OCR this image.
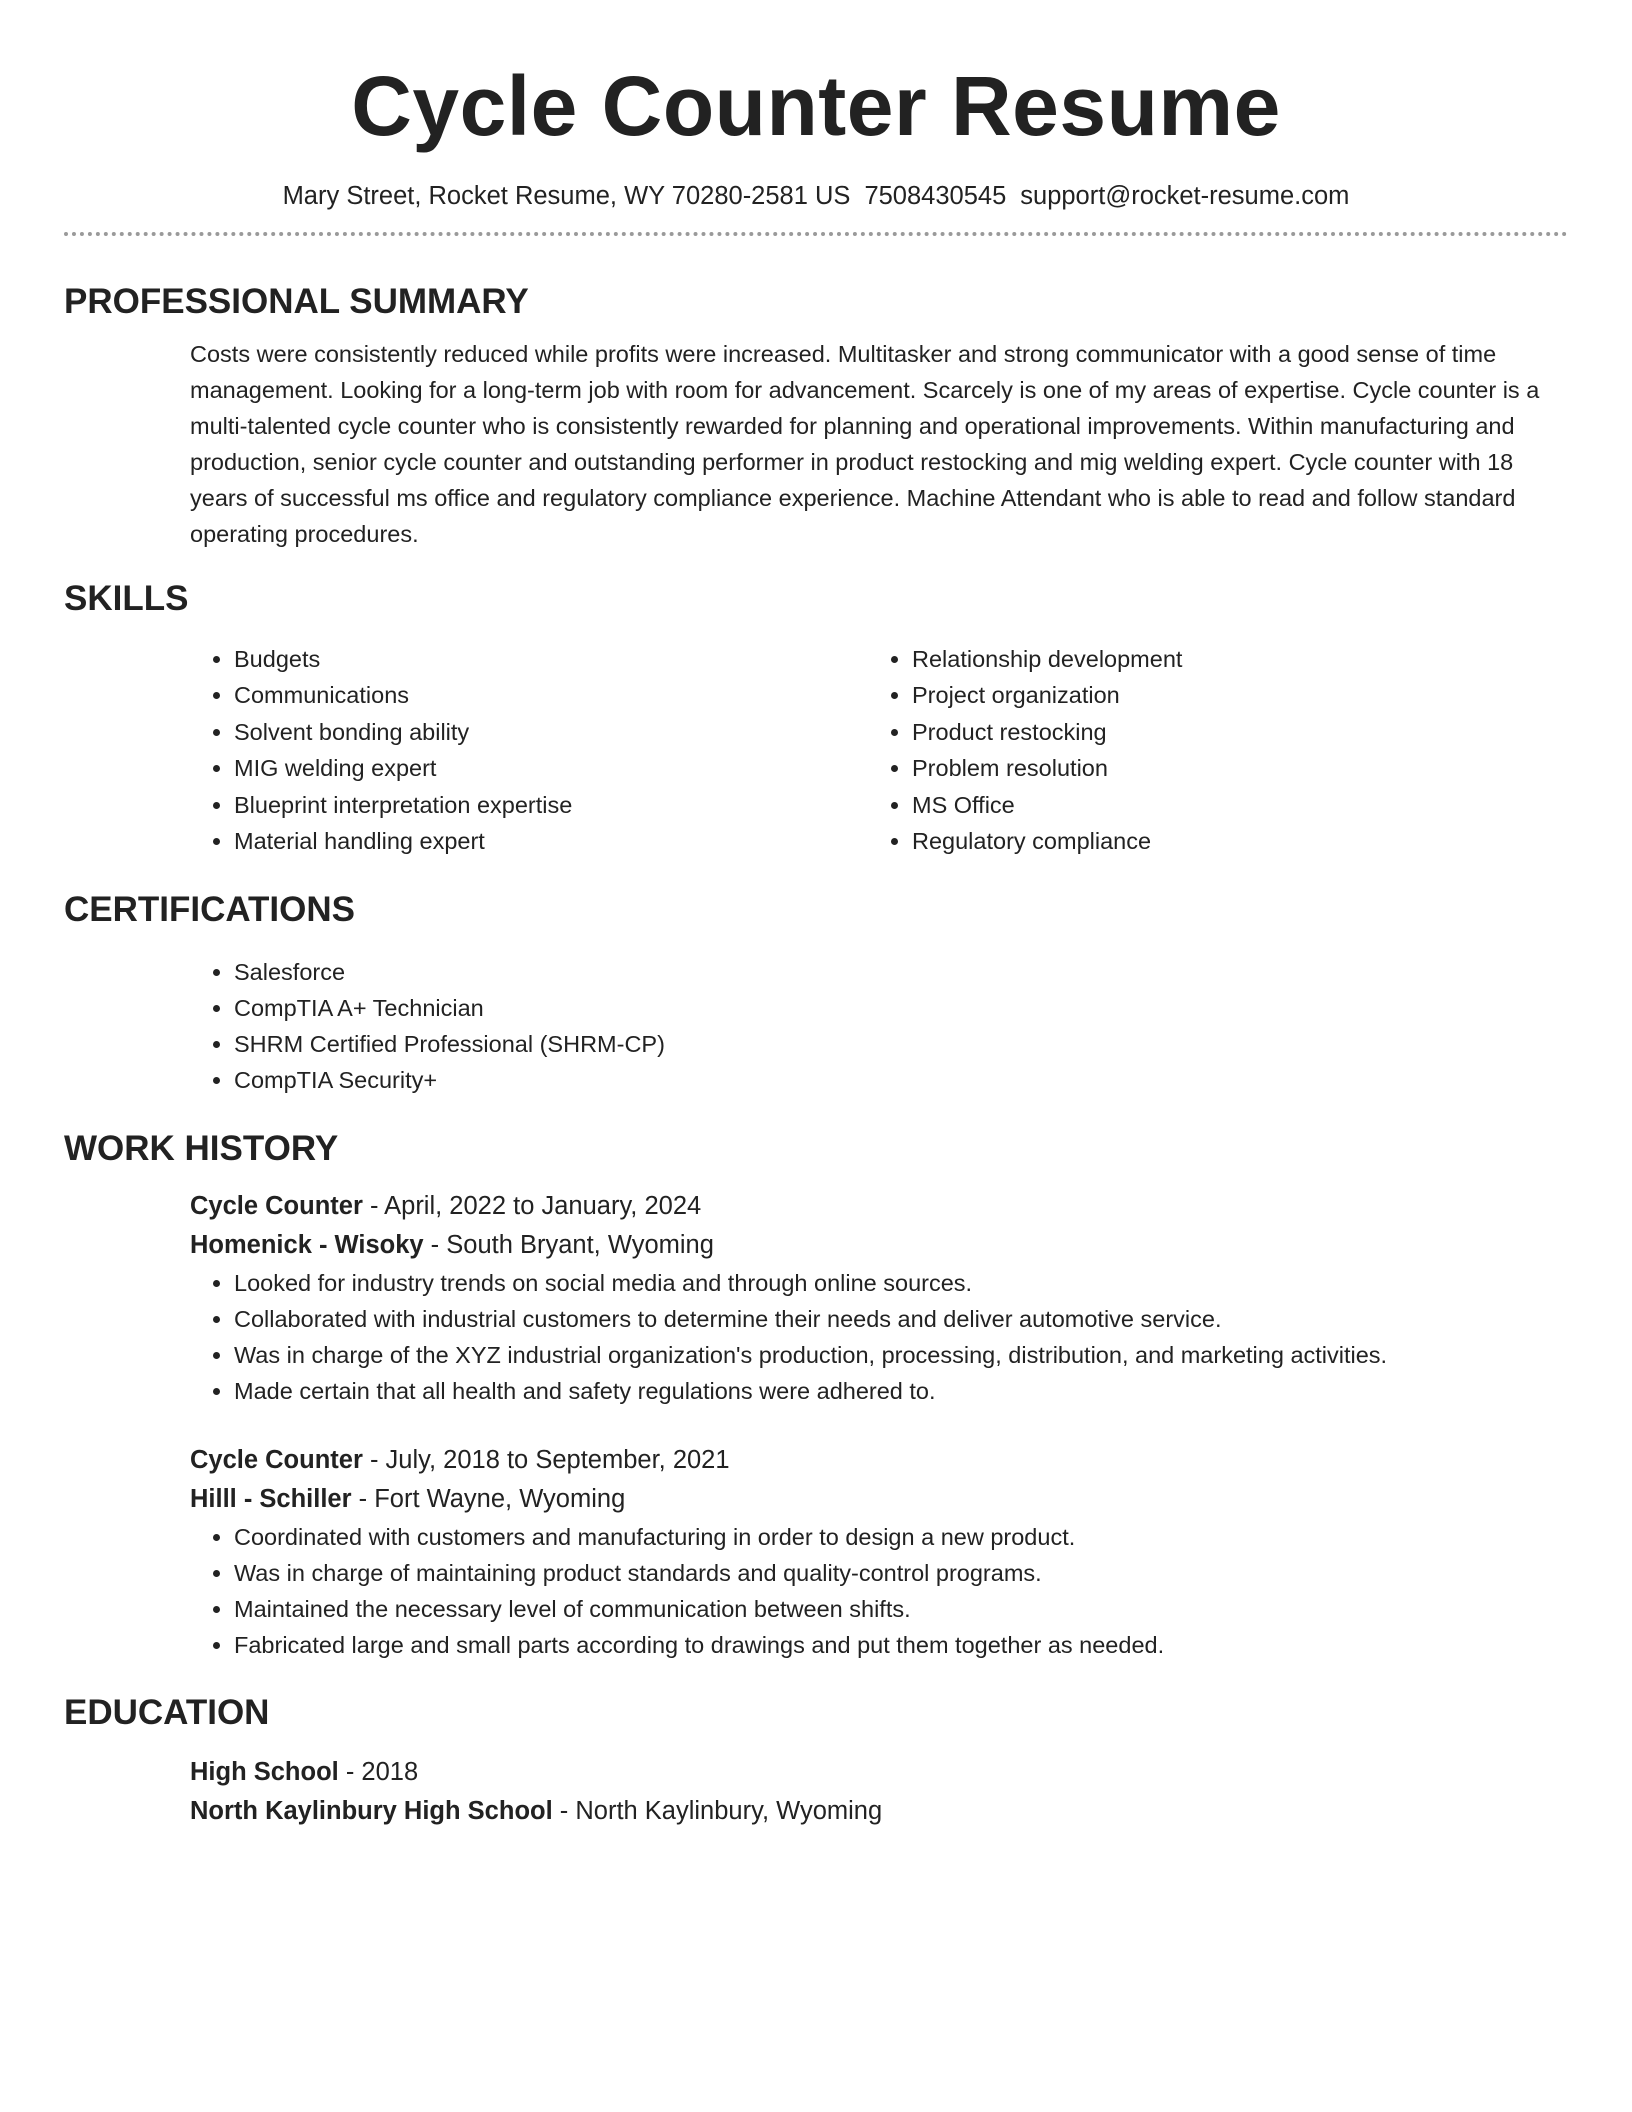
Cycle Counter Resume
Mary Street, Rocket Resume, WY 70280-2581 US 7508430545 support@rocket-resume.com
PROFESSIONAL SUMMARY
Costs were consistently reduced while profits were increased. Multitasker and strong communicator with a good sense of time management. Looking for a long-term job with room for advancement. Scarcely is one of my areas of expertise. Cycle counter is a multi-talented cycle counter who is consistently rewarded for planning and operational improvements. Within manufacturing and production, senior cycle counter and outstanding performer in product restocking and mig welding expert. Cycle counter with 18 years of successful ms office and regulatory compliance experience. Machine Attendant who is able to read and follow standard operating procedures.
SKILLS
• Budgets
• Communications
• Solvent bonding ability
• MIG welding expert
• Blueprint interpretation expertise
• Material handling expert
• Relationship development
• Project organization
• Product restocking
• Problem resolution
• MS Office
• Regulatory compliance
CERTIFICATIONS
• Salesforce
• CompTIA A+ Technician
• SHRM Certified Professional (SHRM-CP)
• CompTIA Security+
WORK HISTORY
Cycle Counter - April, 2022 to January, 2024
Homenick - Wisoky - South Bryant, Wyoming
• Looked for industry trends on social media and through online sources.
• Collaborated with industrial customers to determine their needs and deliver automotive service.
• Was in charge of the XYZ industrial organization's production, processing, distribution, and marketing activities.
• Made certain that all health and safety regulations were adhered to.
Cycle Counter - July, 2018 to September, 2021
Hilll - Schiller - Fort Wayne, Wyoming
• Coordinated with customers and manufacturing in order to design a new product.
• Was in charge of maintaining product standards and quality-control programs.
• Maintained the necessary level of communication between shifts.
• Fabricated large and small parts according to drawings and put them together as needed.
EDUCATION
High School - 2018
North Kaylinbury High School - North Kaylinbury, Wyoming
